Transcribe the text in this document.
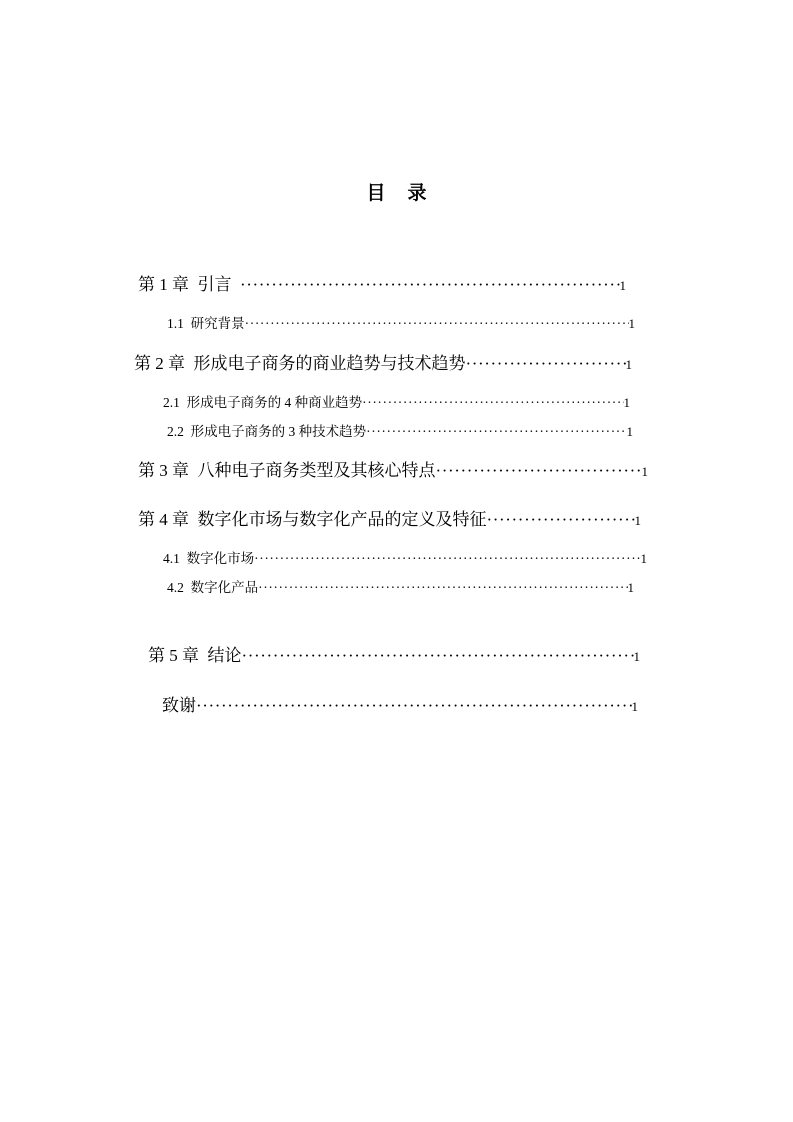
目 录
第 1 章 引言 ·····	1
1.1 研究背景 ·····	1
第 2 章 形成电子商务的商业趋势与技术趋势 ·····	1
2.1 形成电子商务的 4 种商业趋势 ·····	1
2.2 形成电子商务的 3 种技术趋势 ·····	1
第 3 章 八种电子商务类型及其核心特点 ·····	1
第 4 章 数字化市场与数字化产品的定义及特征 ·····	1
4.1 数字化市场 ·····	1
4.2 数字化产品 ·····	1
第 5 章 结论 ·····	1
致谢 ·····	1
